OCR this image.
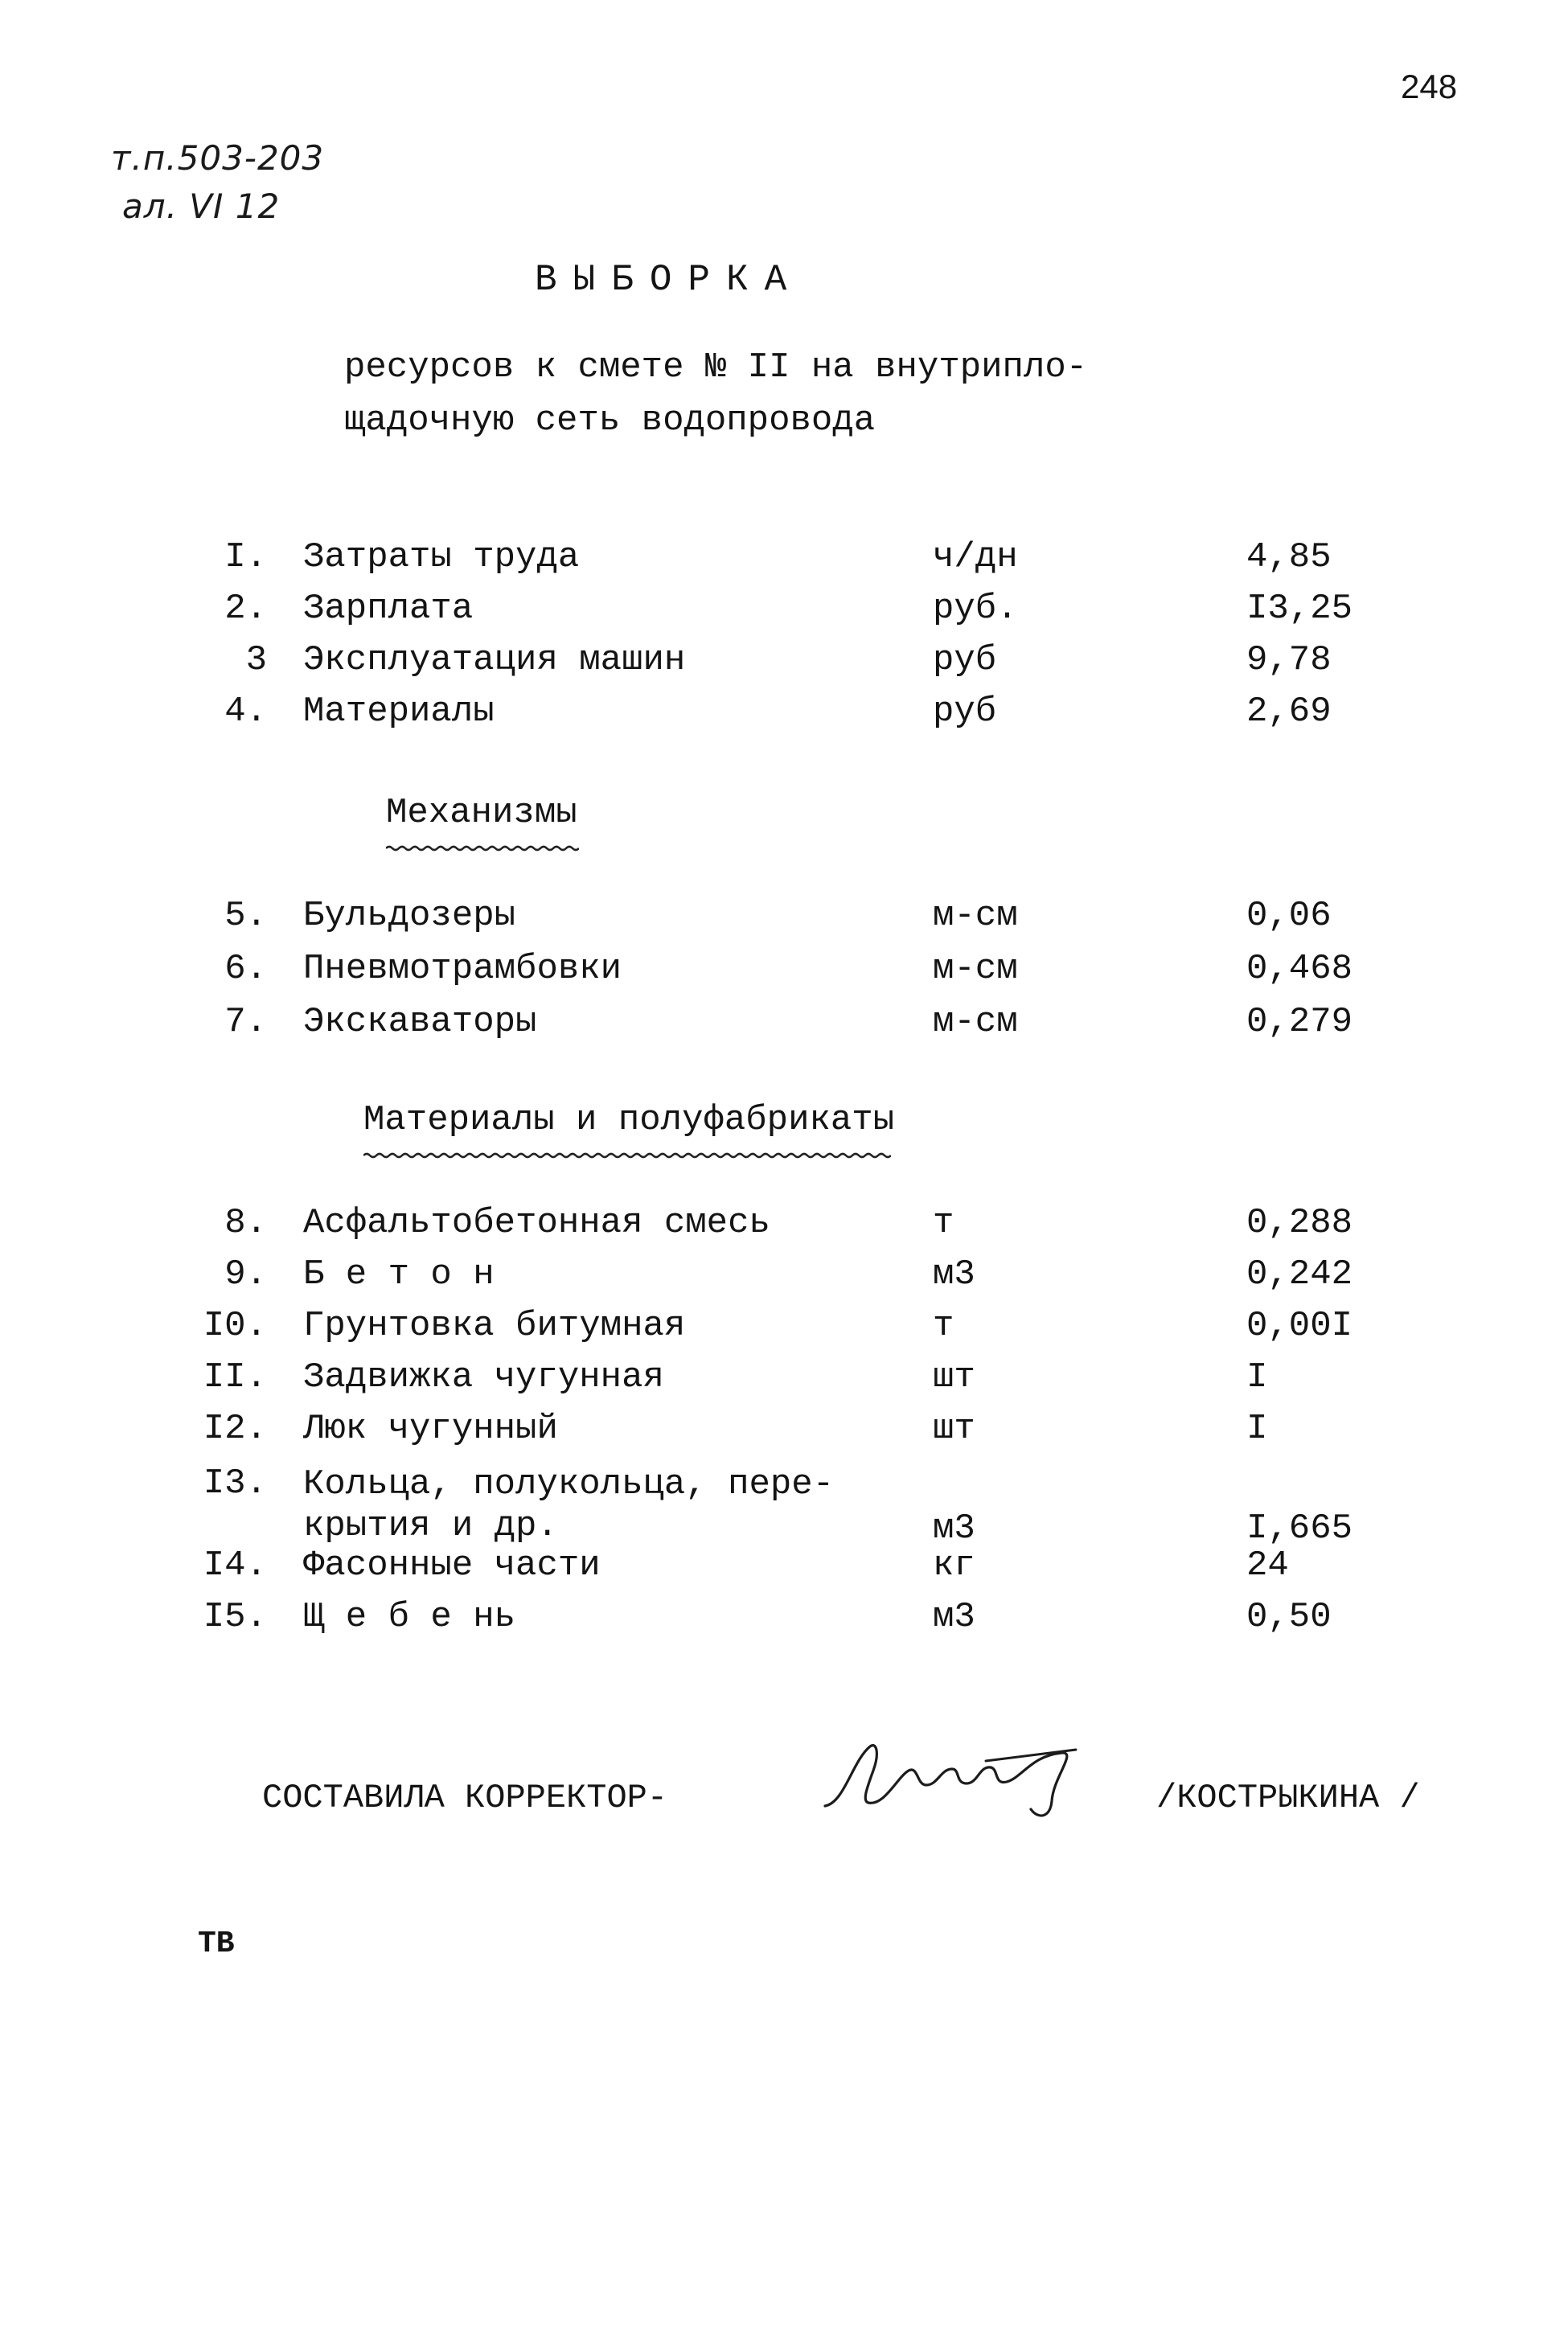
248
т.п.503-203
ал. VI 12
ВЫБОРКА
ресурсов к смете № II на внутрипло-
щадочную сеть водопровода
I. Затраты труда	ч/дн	4,85
2. Зарплата	руб.	I3,25
3 Эксплуатация машин	руб	9,78
4. Материалы	руб	2,69
Механизмы
5. Бульдозеры	м-см	0,06
6. Пневмотрамбовки	м-см	0,468
7. Экскаваторы	м-см	0,279
Материалы и полуфабрикаты
8. Асфальтобетонная смесь	т	0,288
9. Б е т о н	м3	0,242
I0. Грунтовка битумная	т	0,00I
II. Задвижка чугунная	шт	I
I2. Люк чугунный	шт	I
I3. Кольца, полукольца, пере-
крытия и др.	м3	I,665
I4. Фасонные части	кг	24
I5. Щ е б е нь	м3	0,50
СОСТАВИЛА КОРРЕКТОР-	/КОСТРЫКИНА /
ТВ
